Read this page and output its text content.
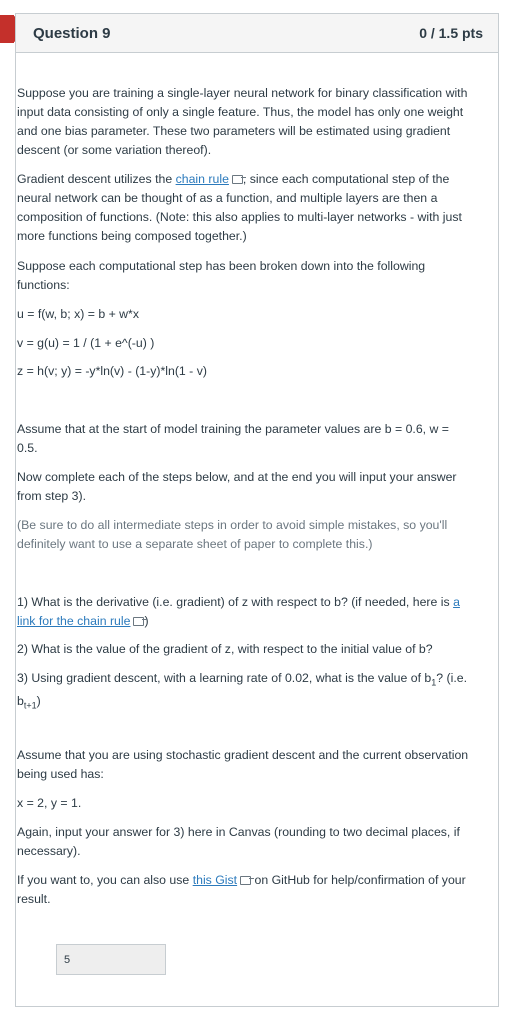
Question 9	0 / 1.5 pts

Suppose you are training a single-layer neural network for binary classification with input data consisting of only a single feature. Thus, the model has only one weight and one bias parameter. These two parameters will be estimated using gradient descent (or some variation thereof).

Gradient descent utilizes the chain rule , since each computational step of the neural network can be thought of as a function, and multiple layers are then a composition of functions. (Note: this also applies to multi-layer networks - with just more functions being composed together.)

Suppose each computational step has been broken down into the following functions:

u = f(w, b; x) = b + w*x

v = g(u) = 1 / (1 + e^(-u) )

z = h(v; y) = -y*ln(v) - (1-y)*ln(1 - v)

Assume that at the start of model training the parameter values are b = 0.6, w = 0.5.

Now complete each of the steps below, and at the end you will input your answer from step 3).

(Be sure to do all intermediate steps in order to avoid simple mistakes, so you'll definitely want to use a separate sheet of paper to complete this.)

1) What is the derivative (i.e. gradient) of z with respect to b? (if needed, here is a link for the chain rule )

2) What is the value of the gradient of z, with respect to the initial value of b?

3) Using gradient descent, with a learning rate of 0.02, what is the value of $b_1$? (i.e. $b_{t+1}$)

Assume that you are using stochastic gradient descent and the current observation being used has:

x = 2, y = 1.

Again, input your answer for 3) here in Canvas (rounding to two decimal places, if necessary).

If you want to, you can also use this Gist on GitHub for help/confirmation of your result.

5
